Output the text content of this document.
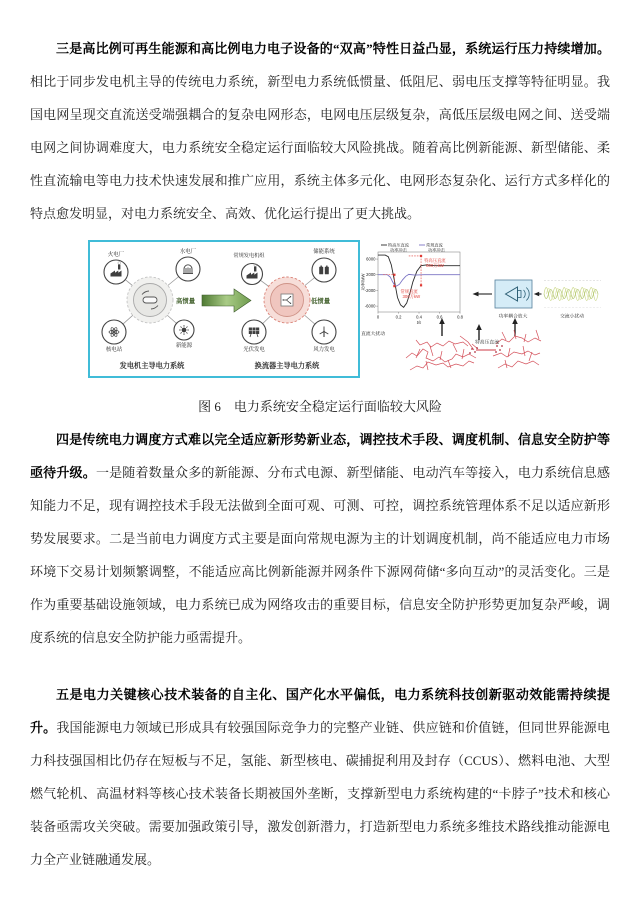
三是高比例可再生能源和高比例电力电子设备的“双高”特性日益凸显，系统运行压力持续增加。相比于同步发电机主导的传统电力系统，新型电力系统低惯量、低阻尼、弱电压支撑等特征明显。我国电网呈现交直流送受端强耦合的复杂电网形态，电网电压层级复杂，高低压层级电网之间、送受端电网之间协调难度大，电力系统安全稳定运行面临较大风险挑战。随着高比例新能源、新型储能、柔性直流输电等电力技术快速发展和推广应用，系统主体多元化、电网形态复杂化、运行方式多样化的特点愈发明显，对电力系统安全、高效、优化运行提出了更大挑战。

火电厂	水电厂
核电站
新能源
高惯量
发电机主导电力系统
常规发电机组
储能系统
光伏发电	风力发电
低惯量
换流器主导电力系统
6000
2000
-2000
-6000
0	0.2	0.4	0.6	0.8
t/s
功率/MW
特高压直流
800万kW
常规直流
300万kW
特高压直流
功率冲击
常规直流
功率冲击
功率耦合放大	交流小扰动
特高压直流
直流大扰动
图 6　电力系统安全稳定运行面临较大风险

四是传统电力调度方式难以完全适应新形势新业态，调控技术手段、调度机制、信息安全防护等亟待升级。一是随着数量众多的新能源、分布式电源、新型储能、电动汽车等接入，电力系统信息感知能力不足，现有调控技术手段无法做到全面可观、可测、可控，调控系统管理体系不足以适应新形势发展要求。二是当前电力调度方式主要是面向常规电源为主的计划调度机制，尚不能适应电力市场环境下交易计划频繁调整，不能适应高比例新能源并网条件下源网荷储“多向互动”的灵活变化。三是作为重要基础设施领域，电力系统已成为网络攻击的重要目标，信息安全防护形势更加复杂严峻，调度系统的信息安全防护能力亟需提升。

五是电力关键核心技术装备的自主化、国产化水平偏低，电力系统科技创新驱动效能需持续提升。我国能源电力领域已形成具有较强国际竞争力的完整产业链、供应链和价值链，但同世界能源电力科技强国相比仍存在短板与不足，氢能、新型核电、碳捕捉利用及封存（CCUS）、燃料电池、大型燃气轮机、高温材料等核心技术装备长期被国外垄断，支撑新型电力系统构建的“卡脖子”技术和核心装备亟需攻关突破。需要加强政策引导，激发创新潜力，打造新型电力系统多维技术路线推动能源电力全产业链融通发展。
